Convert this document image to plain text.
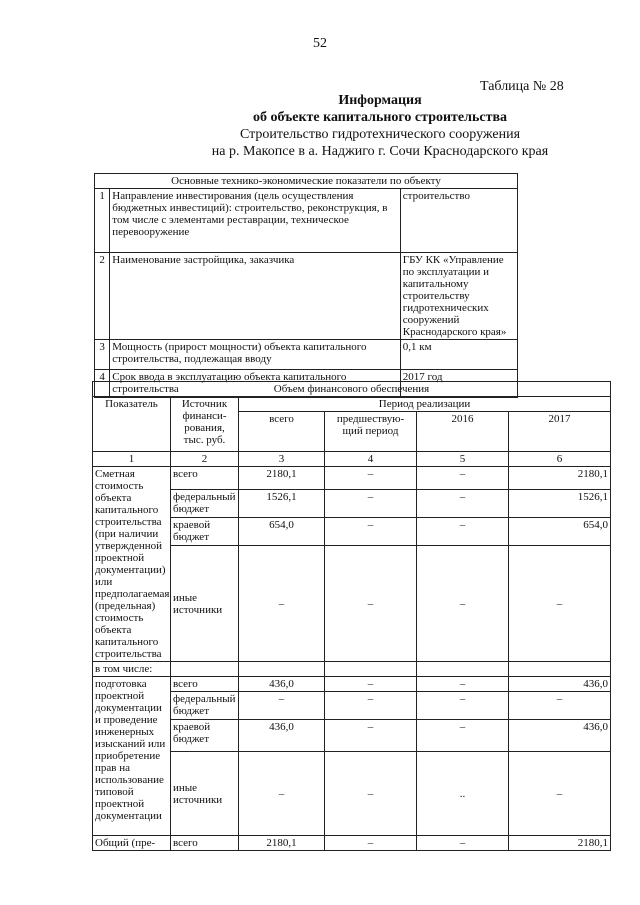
52
Таблица № 28
Информация
об объекте капитального строительства
Строительство гидротехнического сооружения
на р. Макопсе в а. Наджиго г. Сочи Краснодарского края
Основные технико-экономические показатели по объекту		
1	Направление инвестирования (цель осуществления бюджетных инвестиций): строительство, реконструкция, в том числе с элементами реставрации, техническое перевооружение	строительство
2	Наименование застройщика, заказчика	ГБУ КК «Управление по эксплуатации и капитальному строительству гидротехнических сооружений Краснодарского края»
3	Мощность (прирост мощности) объекта капитального строительства, подлежащая вводу	0,1 км
4	Срок ввода в эксплуатацию объекта капитального строительства	2017 год
Объем финансового обеспечения					
Показатель	Источник финанси-рования, тыс. руб.	Период реализации			
		всего	предшествую-щий период	2016	2017
1	2	3	4	5	6
Сметная стоимость объекта капитального строительства (при наличии утвержденной проектной документации) или предполагаемая (предельная) стоимость объекта капитального строительства	всего	2180,1	–	–	2180,1
	федеральный бюджет	1526,1	–	–	1526,1
	краевой бюджет	654,0	–	–	654,0
	иные источники	–	–	–	–
в том числе:					
подготовка проектной документации и проведение инженерных изысканий или приобретение прав на использование типовой проектной документации	всего	436,0	–	–	436,0
	федеральный бюджет	–	–	–	–
	краевой бюджет	436,0	–	–	436,0
	иные источники	–	–	..	–
Общий (пре-	всего	2180,1	–	–	2180,1
